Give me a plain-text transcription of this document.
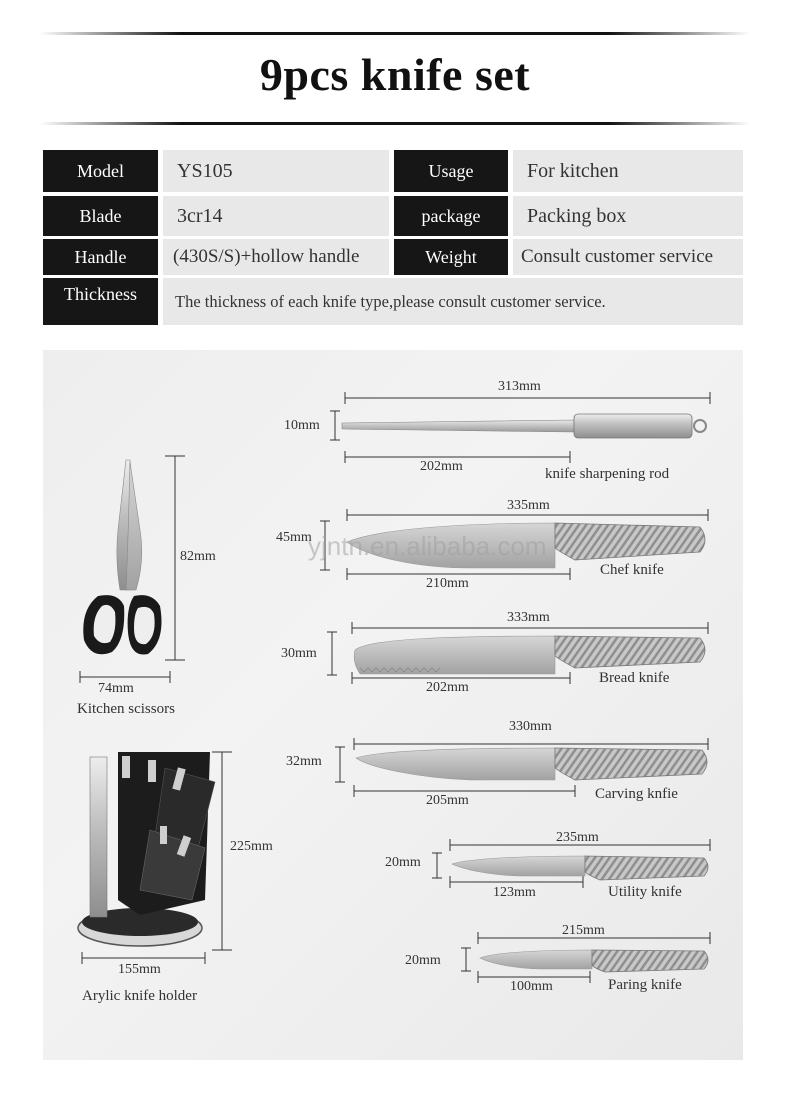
9pcs knife set
Model	YS105	Usage	For kitchen
Blade	3cr14	package	Packing box
Handle	(430S/S)+hollow handle	Weight	Consult customer service
Thickness	The thickness of each knife type,please consult customer service.
313mm
10mm
202mm	knife sharpening rod
335mm
45mm
210mm
Chef knife
333mm
30mm
202mm
Bread knife
330mm
32mm
205mm	Carving knfie
235mm
20mm
123mm	Utility knife
215mm
20mm
100mm	Paring knife
82mm
74mm
Kitchen scissors
225mm
155mm
Arylic knife holder
yjntn.en.alibaba.com
